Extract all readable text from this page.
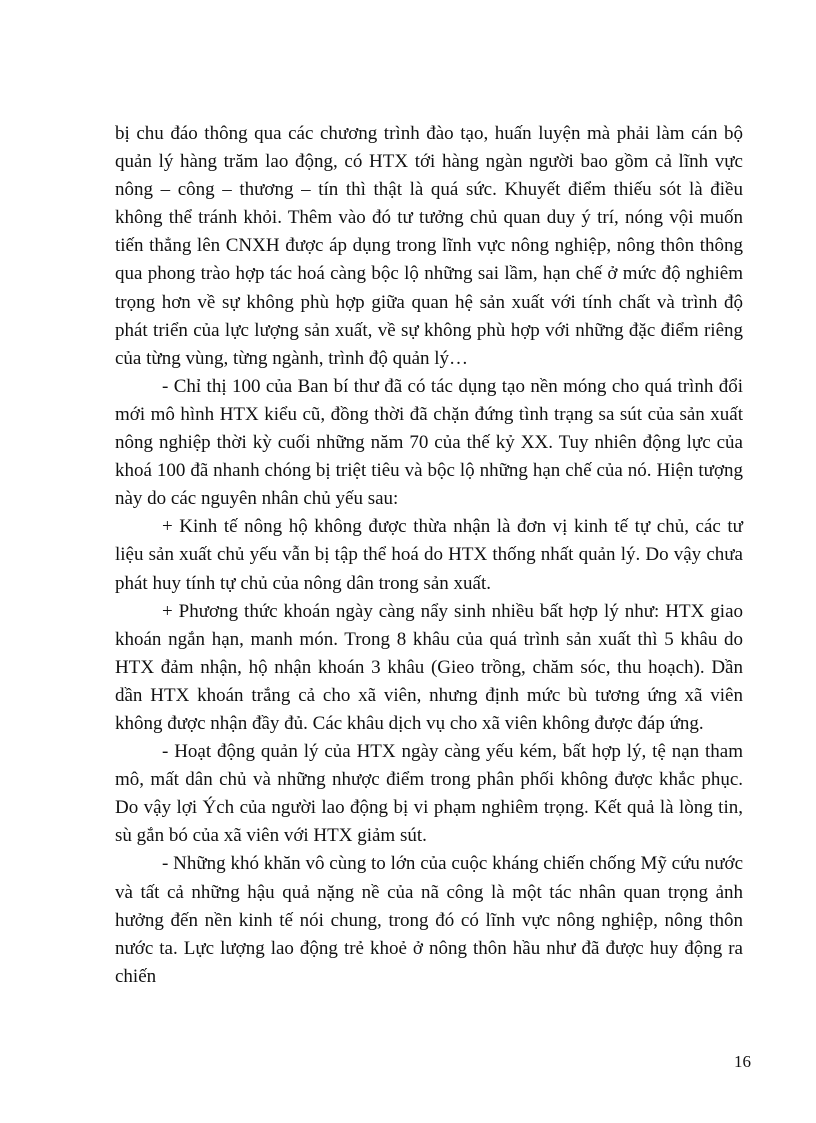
bị chu đáo thông qua các chương trình đào tạo, huấn luyện mà phải làm cán bộ quản lý hàng trăm lao động, có HTX tới hàng ngàn người bao gồm cả lĩnh vực nông – công – thương – tín thì thật là quá sức. Khuyết điểm thiếu sót là điều không thể tránh khỏi. Thêm vào đó tư tưởng chủ quan duy ý trí, nóng vội muốn tiến thẳng lên CNXH được áp dụng trong lĩnh vực nông nghiệp, nông thôn thông qua phong trào hợp tác hoá càng bộc lộ những sai lầm, hạn chế ở mức độ nghiêm trọng hơn về sự không phù hợp giữa quan hệ sản xuất với tính chất và trình độ phát triển của lực lượng sản xuất, về sự không phù hợp với những đặc điểm riêng của từng vùng, từng ngành, trình độ quản lý…

- Chỉ thị 100 của Ban bí thư đã có tác dụng tạo nền móng cho quá trình đổi mới mô hình HTX kiểu cũ, đồng thời đã chặn đứng tình trạng sa sút của sản xuất nông nghiệp thời kỳ cuối những năm 70 của thế kỷ XX. Tuy nhiên động lực của khoá 100 đã nhanh chóng bị triệt tiêu và bộc lộ những hạn chế của nó. Hiện tượng này do các nguyên nhân chủ yếu sau:

+ Kinh tế nông hộ không được thừa nhận là đơn vị kinh tế tự chủ, các tư liệu sản xuất chủ yếu vẫn bị tập thể hoá do HTX thống nhất quản lý. Do vậy chưa phát huy tính tự chủ của nông dân trong sản xuất.

+ Phương thức khoán ngày càng nẩy sinh nhiều bất hợp lý như: HTX giao khoán ngắn hạn, manh món. Trong 8 khâu của quá trình sản xuất thì 5 khâu do HTX đảm nhận, hộ nhận khoán 3 khâu (Gieo trồng, chăm sóc, thu hoạch). Dần dần HTX khoán trắng cả cho xã viên, nhưng định mức bù tương ứng xã viên không được nhận đầy đủ. Các khâu dịch vụ cho xã viên không được đáp ứng.

- Hoạt động quản lý của HTX ngày càng yếu kém, bất hợp lý, tệ nạn tham mô, mất dân chủ và những nhược điểm trong phân phối không được khắc phục. Do vậy lợi Ých của người lao động bị vi phạm nghiêm trọng. Kết quả là lòng tin, sù gắn bó của xã viên với HTX giảm sút.

- Những khó khăn vô cùng to lớn của cuộc kháng chiến chống Mỹ cứu nước và tất cả những hậu quả nặng nề của nã công là một tác nhân quan trọng ảnh hưởng đến nền kinh tế nói chung, trong đó có lĩnh vực nông nghiệp, nông thôn nước ta. Lực lượng lao động trẻ khoẻ ở nông thôn hầu như đã được huy động ra chiến

16
